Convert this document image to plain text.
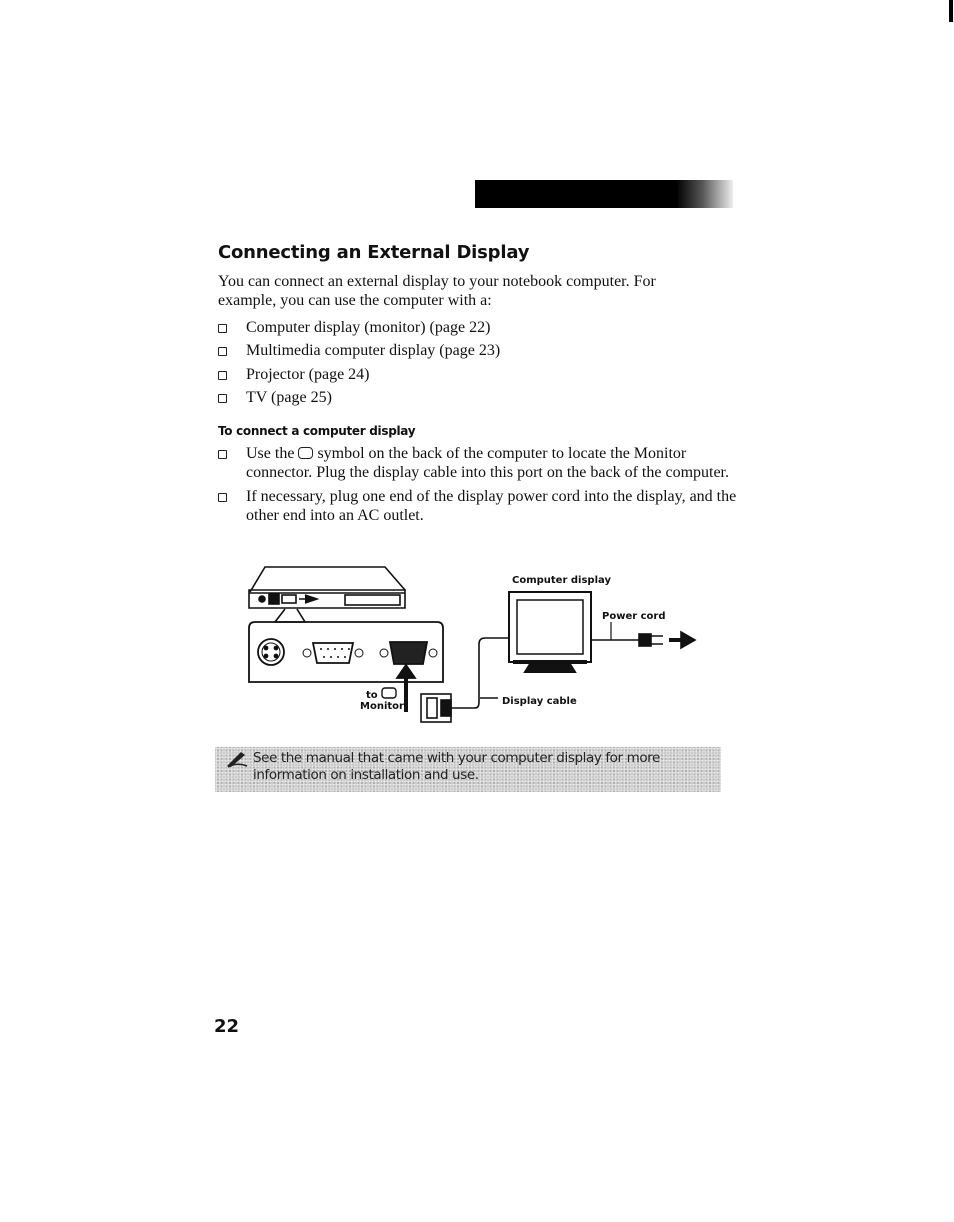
Connecting an External Display

You can connect an external display to your notebook computer. For example, you can use the computer with a:

Computer display (monitor) (page 22)
Multimedia computer display (page 23)
Projector (page 24)
TV (page 25)
To connect a computer display
Use the symbol on the back of the computer to locate the Monitor connector. Plug the display cable into this port on the back of the computer.
If necessary, plug one end of the display power cord into the display, and the other end into an AC outlet.
Computer display
Power cord
Display cable
to
Monitor

See the manual that came with your computer display for more information on installation and use.

22
